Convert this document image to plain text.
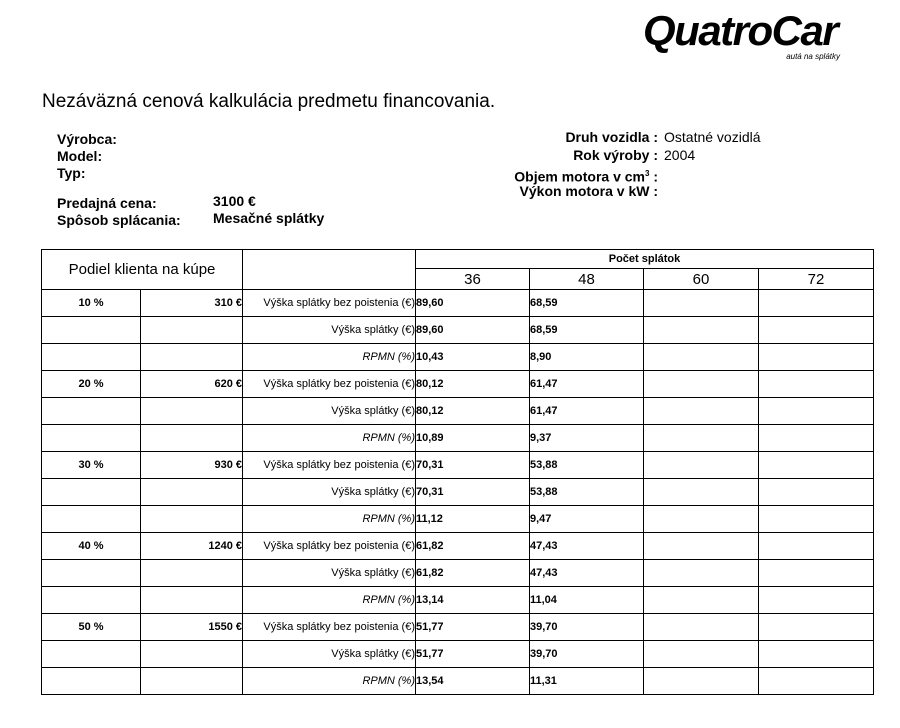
QuatroCar
autá na splátky
Nezáväzná cenová kalkulácia predmetu financovania.
Výrobca:
Model:
Typ:
Predajná cena:	3100 €
Spôsob splácania: Mesačné splátky
Druh vozidla : Ostatné vozidlá
Rok výroby : 2004
Objem motora v $cm^3$ :
Výkon motora v kW :
Podiel klienta na kúpe			Počet splátok			
			36	48	60	72
10 %	310 €	Výška splátky bez poistenia (€)	89,60	68,59		
		Výška splátky (€)	89,60	68,59		
		RPMN (%)	10,43	8,90		
20 %	620 €	Výška splátky bez poistenia (€)	80,12	61,47		
		Výška splátky (€)	80,12	61,47		
		RPMN (%)	10,89	9,37		
30 %	930 €	Výška splátky bez poistenia (€)	70,31	53,88		
		Výška splátky (€)	70,31	53,88		
		RPMN (%)	11,12	9,47		
40 %	1240 €	Výška splátky bez poistenia (€)	61,82	47,43		
		Výška splátky (€)	61,82	47,43		
		RPMN (%)	13,14	11,04		
50 %	1550 €	Výška splátky bez poistenia (€)	51,77	39,70		
		Výška splátky (€)	51,77	39,70		
		RPMN (%)	13,54	11,31		
